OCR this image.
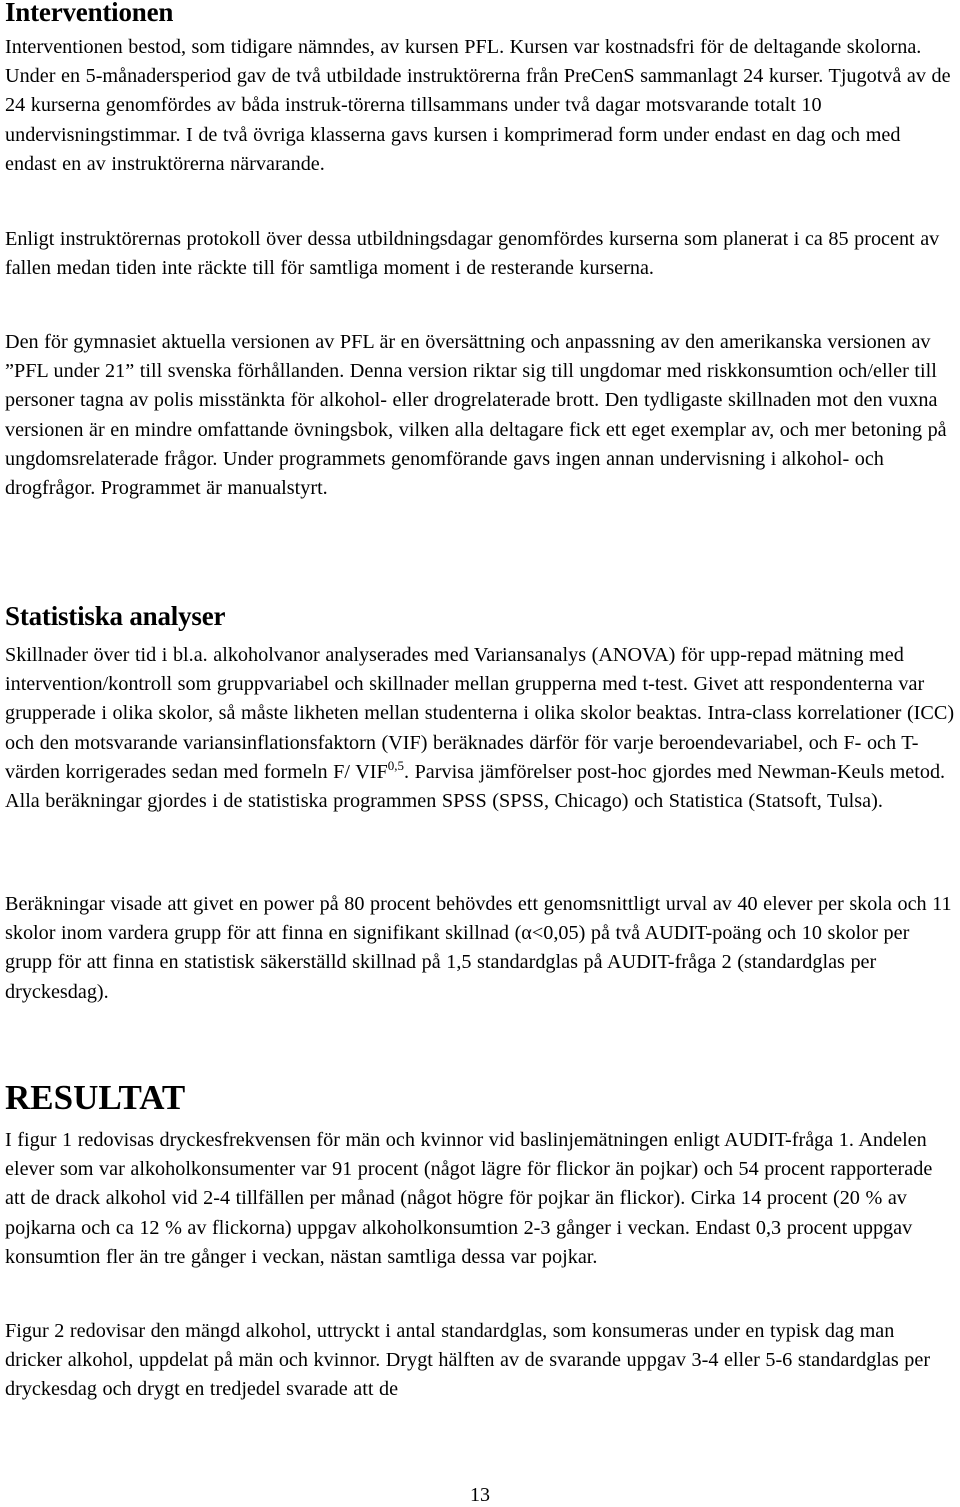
Interventionen

Interventionen bestod, som tidigare nämndes, av kursen PFL. Kursen var kostnadsfri för de deltagande skolorna. Under en 5-månadersperiod gav de två utbildade instruktörerna från PreCenS sammanlagt 24 kurser. Tjugotvå av de 24 kurserna genomfördes av båda instruk-törerna tillsammans under två dagar motsvarande totalt 10 undervisningstimmar. I de två övriga klasserna gavs kursen i komprimerad form under endast en dag och med endast en av instruktörerna närvarande.

Enligt instruktörernas protokoll över dessa utbildningsdagar genomfördes kurserna som planerat i ca 85 procent av fallen medan tiden inte räckte till för samtliga moment i de resterande kurserna.

Den för gymnasiet aktuella versionen av PFL är en översättning och anpassning av den amerikanska versionen av ”PFL under 21” till svenska förhållanden. Denna version riktar sig till ungdomar med riskkonsumtion och/eller till personer tagna av polis misstänkta för alkohol- eller drogrelaterade brott. Den tydligaste skillnaden mot den vuxna versionen är en mindre omfattande övningsbok, vilken alla deltagare fick ett eget exemplar av, och mer betoning på ungdomsrelaterade frågor. Under programmets genomförande gavs ingen annan undervisning i alkohol- och drogfrågor. Programmet är manualstyrt.

Statistiska analyser

Skillnader över tid i bl.a. alkoholvanor analyserades med Variansanalys (ANOVA) för upp-repad mätning med intervention/kontroll som gruppvariabel och skillnader mellan grupperna med t-test. Givet att respondenterna var grupperade i olika skolor, så måste likheten mellan studenterna i olika skolor beaktas. Intra-class korrelationer (ICC) och den motsvarande variansinflationsfaktorn (VIF) beräknades därför för varje beroendevariabel, och F- och T-värden korrigerades sedan med formeln F/ VIF$^{0,5}$. Parvisa jämförelser post-hoc gjordes med Newman-Keuls metod. Alla beräkningar gjordes i de statistiska programmen SPSS (SPSS, Chicago) och Statistica (Statsoft, Tulsa).

Beräkningar visade att givet en power på 80 procent behövdes ett genomsnittligt urval av 40 elever per skola och 11 skolor inom vardera grupp för att finna en signifikant skillnad (α<0,05) på två AUDIT-poäng och 10 skolor per grupp för att finna en statistisk säkerställd skillnad på 1,5 standardglas på AUDIT-fråga 2 (standardglas per dryckesdag).

RESULTAT

I figur 1 redovisas dryckesfrekvensen för män och kvinnor vid baslinjemätningen enligt AUDIT-fråga 1. Andelen elever som var alkoholkonsumenter var 91 procent (något lägre för flickor än pojkar) och 54 procent rapporterade att de drack alkohol vid 2-4 tillfällen per månad (något högre för pojkar än flickor). Cirka 14 procent (20 % av pojkarna och ca 12 % av flickorna) uppgav alkoholkonsumtion 2-3 gånger i veckan. Endast 0,3 procent uppgav konsumtion fler än tre gånger i veckan, nästan samtliga dessa var pojkar.

Figur 2 redovisar den mängd alkohol, uttryckt i antal standardglas, som konsumeras under en typisk dag man dricker alkohol, uppdelat på män och kvinnor. Drygt hälften av de svarande uppgav 3-4 eller 5-6 standardglas per dryckesdag och drygt en tredjedel svarade att de

13
